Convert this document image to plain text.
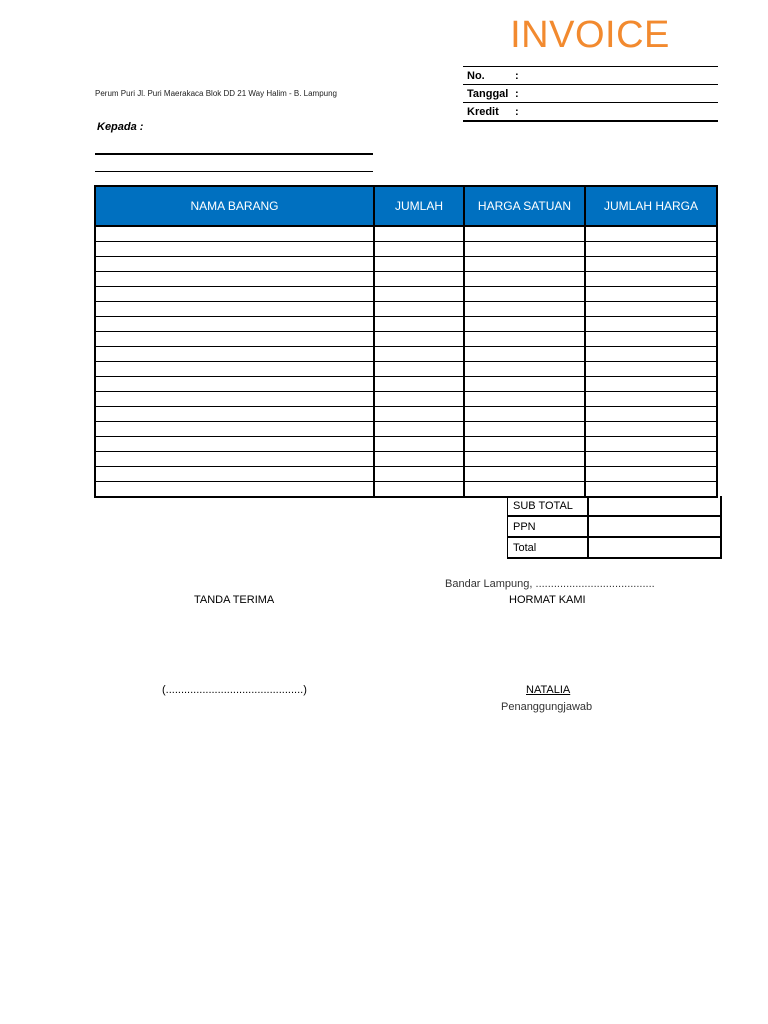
INVOICE
No.	:
Tanggal	:
Kredit	:
Perum Puri Jl. Puri Maerakaca Blok DD 21 Way Halim - B. Lampung
Kepada :
NAMA BARANG	JUMLAH	HARGA SATUAN	JUMLAH HARGA

SUB TOTAL	
PPN	
Total	
Bandar Lampung, .......................................
TANDA TERIMA	HORMAT KAMI
(.............................................)	NATALIA
Penanggungjawab
